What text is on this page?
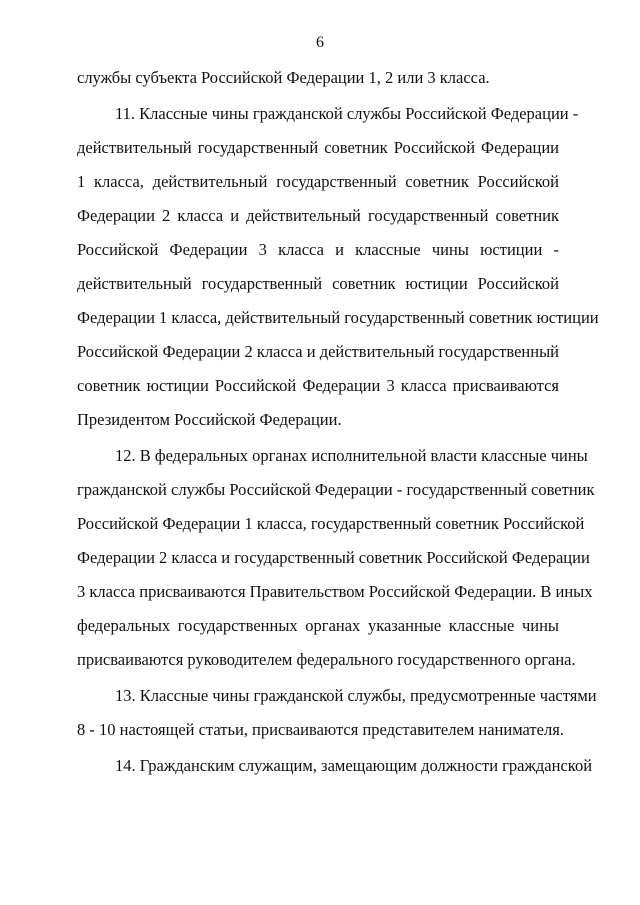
6
службы субъекта Российской Федерации 1, 2 или 3 класса.
11. Классные чины гражданской службы Российской Федерации -
действительный государственный советник Российской Федерации
1 класса, действительный государственный советник Российской
Федерации 2 класса и действительный государственный советник
Российской Федерации 3 класса и классные чины юстиции -
действительный государственный советник юстиции Российской
Федерации 1 класса, действительный государственный советник юстиции
Российской Федерации 2 класса и действительный государственный
советник юстиции Российской Федерации 3 класса присваиваются
Президентом Российской Федерации.
12. В федеральных органах исполнительной власти классные чины
гражданской службы Российской Федерации - государственный советник
Российской Федерации 1 класса, государственный советник Российской
Федерации 2 класса и государственный советник Российской Федерации
3 класса присваиваются Правительством Российской Федерации. В иных
федеральных государственных органах указанные классные чины
присваиваются руководителем федерального государственного органа.
13. Классные чины гражданской службы, предусмотренные частями
8 - 10 настоящей статьи, присваиваются представителем нанимателя.
14. Гражданским служащим, замещающим должности гражданской
